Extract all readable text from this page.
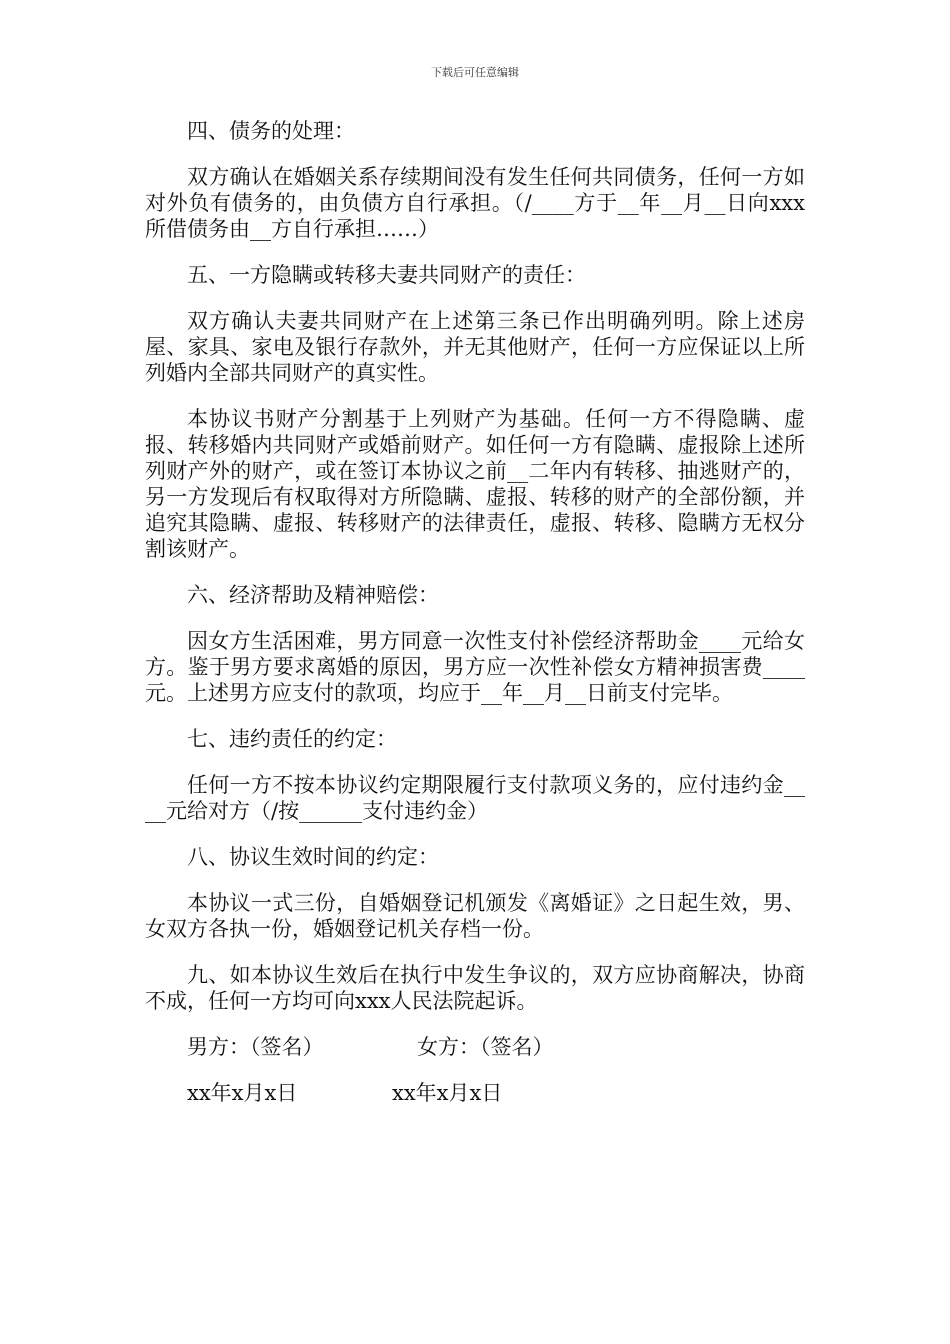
下载后可任意编辑

四、债务的处理：

双方确认在婚姻关系存续期间没有发生任何共同债务，任何一方如对外负有债务的，由负债方自行承担。（/____方于__年__月__日向xxx所借债务由__方自行承担……）

五、一方隐瞒或转移夫妻共同财产的责任：

双方确认夫妻共同财产在上述第三条已作出明确列明。除上述房屋、家具、家电及银行存款外，并无其他财产，任何一方应保证以上所列婚内全部共同财产的真实性。

本协议书财产分割基于上列财产为基础。任何一方不得隐瞒、虚报、转移婚内共同财产或婚前财产。如任何一方有隐瞒、虚报除上述所列财产外的财产，或在签订本协议之前__二年内有转移、抽逃财产的，另一方发现后有权取得对方所隐瞒、虚报、转移的财产的全部份额，并追究其隐瞒、虚报、转移财产的法律责任，虚报、转移、隐瞒方无权分割该财产。

六、经济帮助及精神赔偿：

因女方生活困难，男方同意一次性支付补偿经济帮助金____元给女方。鉴于男方要求离婚的原因，男方应一次性补偿女方精神损害费____元。上述男方应支付的款项，均应于__年__月__日前支付完毕。

七、违约责任的约定：

任何一方不按本协议约定期限履行支付款项义务的，应付违约金____元给对方（/按______支付违约金）

八、协议生效时间的约定：

本协议一式三份，自婚姻登记机颁发《离婚证》之日起生效，男、女双方各执一份，婚姻登记机关存档一份。

九、如本协议生效后在执行中发生争议的，双方应协商解决，协商不成，任何一方均可向xxx人民法院起诉。

男方：（签名）	女方：（签名）
xx年x月x日	xx年x月x日
